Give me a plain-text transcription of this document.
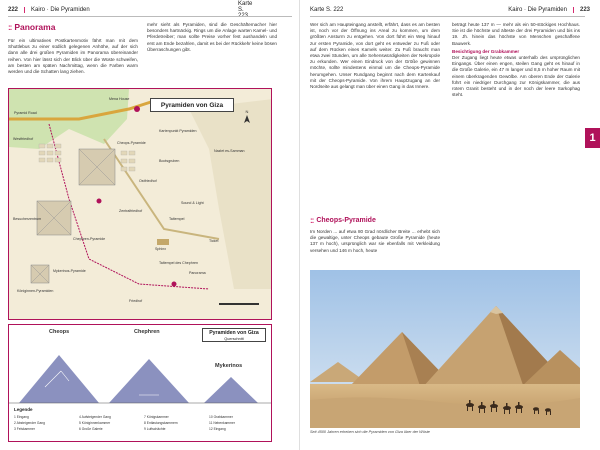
222 Kairo · Die Pyramiden
Karte S.
:: Panorama
Für ein ultimatives Postkartenmotiv fährt man mit dem Shuttlebus zu einer südlich gelegenen Anhöhe, auf der sich dann alle drei großen Pyramiden im Panorama übereinander reihen. Von hier lässt sich der Blick über die Wüste schweifen, am besten am späten Nachmittag, wenn die Farben warm werden und die Schatten lang ziehen.
mehr sieht als Pyramiden, sind die Geschäftemacher hier besonders hartnäckig. Rings um die Anlage warten Kamel- und Pferdetreiber; man sollte Preise vorher fest aushandeln und erst am Ende bezahlen, damit es bei der Rückkehr keine bösen Überraschungen gibt.
N
Pyramid Road
Mena House
Kartenpunkt Pyramiden
Cheops-Pyramide
Bootsgruben
Westfriedhof
Ostfriedhof
Chephren-Pyramide
Taltempel
Sphinx
Mykerinos-Pyramide
Königinnen-Pyramiden
Zentralfriedhof
Besucherzentrum
Sound & Light
Panorama
Nazlet es-Samman
Ticket
Friedhof
Taltempel des Chephren
Pyramiden von Giza
Cheops	Chephren
Mykerinos
Pyramiden von Giza
Querschnitt
Legende
1 Eingang
2 Absteigender Gang
3 Felskammer
4 Aufsteigender Gang
5 Königinnenkammer
6 Große Galerie
7 Königskammer
8 Entlastungskammern
9 Luftschächte
10 Grabkammer
11 Nebenkammer
12 Eingang
Karte S. 222	Kairo · Die Pyramiden 223
Wer sich am Haupteingang anstellt, erfährt, dass es am besten ist, noch vor der Öffnung ins Areal zu kommen, um dem größten Ansturm zu entgehen. Von dort führt ein Weg hinauf zur ersten Pyramide, von dort geht es entweder zu Fuß oder auf dem Rücken eines Kamels weiter. Zu Fuß braucht man etwa zwei Stunden, um alle Sehenswürdigkeiten der Nekropole zu erkunden. Wer einen Eindruck von der Größe gewinnen möchte, sollte mindestens einmal um die Cheops-Pyramide herumgehen. Unser Rundgang beginnt nach dem Kartenkauf mit der Cheops-Pyramide. Von ihrem Hauptzugang an der Nordseite aus gelangt man über einen Gang in das Innere.
:: Cheops-Pyramide
Im Norden ... auf etwa 80 Grad nördlicher Breite ... erhebt sich die gewaltige, unter Cheops gebaute Große Pyramide (heute 137 m hoch), ursprünglich war sie ebenfalls mit Verkleidung versehen und 146 m hoch, heute
beträgt heute 137 m — mehr als ein 50-stöckiges Hochhaus. Sie ist die höchste und älteste der drei Pyramiden und bis ins 19. Jh. hinein das höchste von Menschen geschaffene Bauwerk.
Besichtigung der Grabkammer
Der Zugang liegt heute etwas unterhalb des ursprünglichen Eingangs. Über einen engen, steilen Gang geht es hinauf in die Große Galerie, ein 47 m langer und 8,5 m hoher Raum mit einem überkragenden Gewölbe. Am oberen Ende der Galerie führt ein niedriger Durchgang zur Königskammer, die aus rotem Granit besteht und in der noch der leere Sarkophag steht.
1
Seit 4500 Jahren erheben sich die Pyramiden von Giza über der Wüste
